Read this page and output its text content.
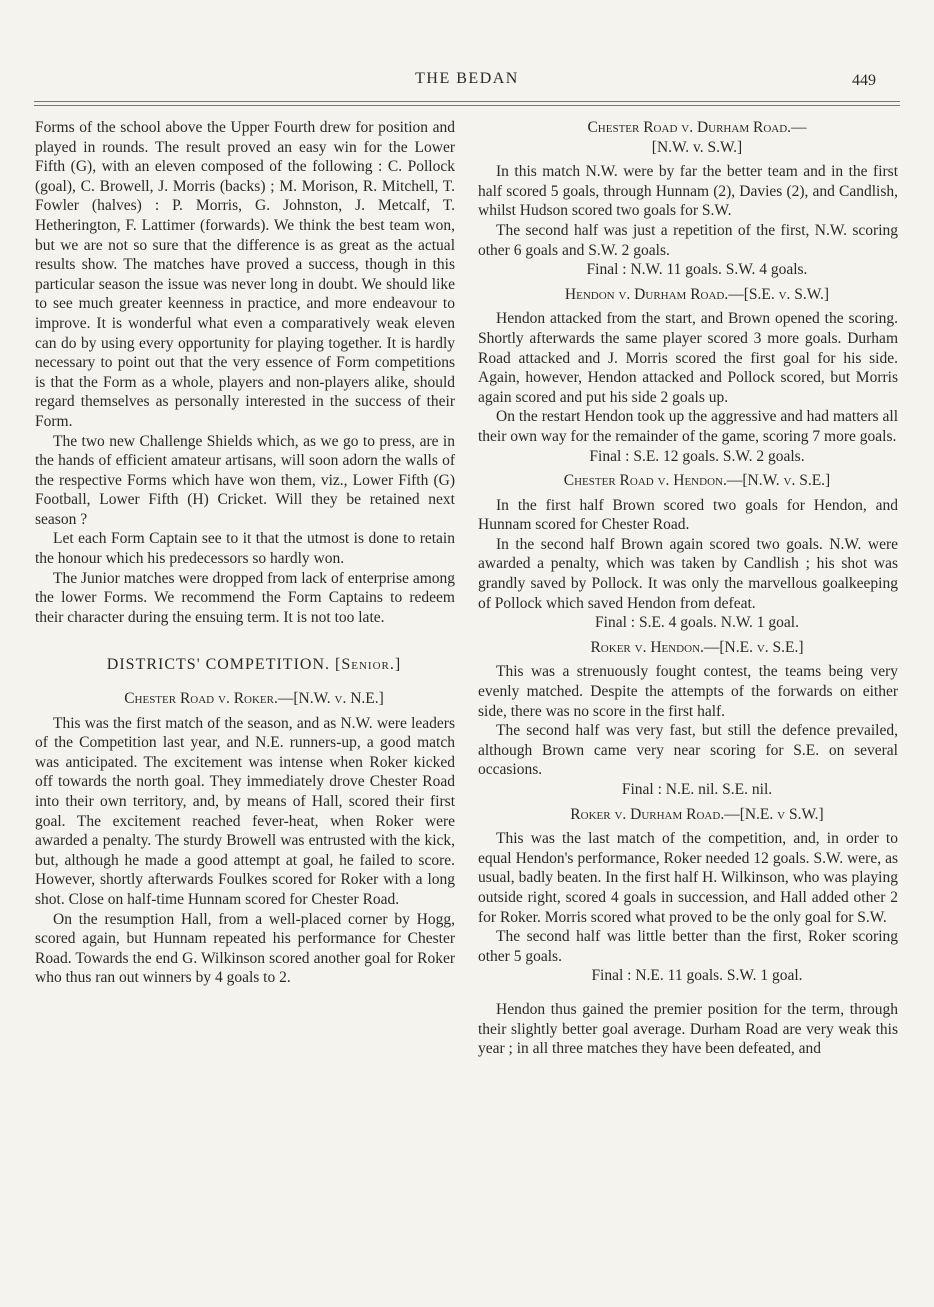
THE BEDAN	449

Forms of the school above the Upper Fourth drew for position and played in rounds. The result proved an easy win for the Lower Fifth (G), with an eleven composed of the following : C. Pollock (goal), C. Browell, J. Morris (backs) ; M. Morison, R. Mitchell, T. Fowler (halves) : P. Morris, G. Johnston, J. Metcalf, T. Hetherington, F. Lattimer (forwards). We think the best team won, but we are not so sure that the difference is as great as the actual results show. The matches have proved a success, though in this particular season the issue was never long in doubt. We should like to see much greater keenness in practice, and more endeavour to improve. It is wonderful what even a comparatively weak eleven can do by using every opportunity for playing together. It is hardly necessary to point out that the very essence of Form competitions is that the Form as a whole, players and non-players alike, should regard themselves as personally interested in the success of their Form.

The two new Challenge Shields which, as we go to press, are in the hands of efficient amateur artisans, will soon adorn the walls of the respective Forms which have won them, viz., Lower Fifth (G) Football, Lower Fifth (H) Cricket. Will they be retained next season ?

Let each Form Captain see to it that the utmost is done to retain the honour which his predecessors so hardly won.

The Junior matches were dropped from lack of enterprise among the lower Forms. We recommend the Form Captains to redeem their character during the ensuing term. It is not too late.

DISTRICTS' COMPETITION. [Senior.]

Chester Road v. Roker.—[N.W. v. N.E.]

This was the first match of the season, and as N.W. were leaders of the Competition last year, and N.E. runners-up, a good match was anticipated. The excitement was intense when Roker kicked off towards the north goal. They immediately drove Chester Road into their own territory, and, by means of Hall, scored their first goal. The excitement reached fever-heat, when Roker were awarded a penalty. The sturdy Browell was entrusted with the kick, but, although he made a good attempt at goal, he failed to score. However, shortly afterwards Foulkes scored for Roker with a long shot. Close on half-time Hunnam scored for Chester Road.

On the resumption Hall, from a well-placed corner by Hogg, scored again, but Hunnam repeated his performance for Chester Road. Towards the end G. Wilkinson scored another goal for Roker who thus ran out winners by 4 goals to 2.

Chester Road v. Durham Road.—

[N.W. v. S.W.]

In this match N.W. were by far the better team and in the first half scored 5 goals, through Hunnam (2), Davies (2), and Candlish, whilst Hudson scored two goals for S.W.

The second half was just a repetition of the first, N.W. scoring other 6 goals and S.W. 2 goals.

Final : N.W. 11 goals. S.W. 4 goals.

Hendon v. Durham Road.—[S.E. v. S.W.]

Hendon attacked from the start, and Brown opened the scoring. Shortly afterwards the same player scored 3 more goals. Durham Road attacked and J. Morris scored the first goal for his side. Again, however, Hendon attacked and Pollock scored, but Morris again scored and put his side 2 goals up.

On the restart Hendon took up the aggressive and had matters all their own way for the remainder of the game, scoring 7 more goals.

Final : S.E. 12 goals. S.W. 2 goals.

Chester Road v. Hendon.—[N.W. v. S.E.]

In the first half Brown scored two goals for Hendon, and Hunnam scored for Chester Road.

In the second half Brown again scored two goals. N.W. were awarded a penalty, which was taken by Candlish ; his shot was grandly saved by Pollock. It was only the marvellous goalkeeping of Pollock which saved Hendon from defeat.

Final : S.E. 4 goals. N.W. 1 goal.

Roker v. Hendon.—[N.E. v. S.E.]

This was a strenuously fought contest, the teams being very evenly matched. Despite the attempts of the forwards on either side, there was no score in the first half.

The second half was very fast, but still the defence prevailed, although Brown came very near scoring for S.E. on several occasions.

Final : N.E. nil. S.E. nil.

Roker v. Durham Road.—[N.E. v S.W.]

This was the last match of the competition, and, in order to equal Hendon's performance, Roker needed 12 goals. S.W. were, as usual, badly beaten. In the first half H. Wilkinson, who was playing outside right, scored 4 goals in succession, and Hall added other 2 for Roker. Morris scored what proved to be the only goal for S.W.

The second half was little better than the first, Roker scoring other 5 goals.

Final : N.E. 11 goals. S.W. 1 goal.

Hendon thus gained the premier position for the term, through their slightly better goal average. Durham Road are very weak this year ; in all three matches they have been defeated, and
